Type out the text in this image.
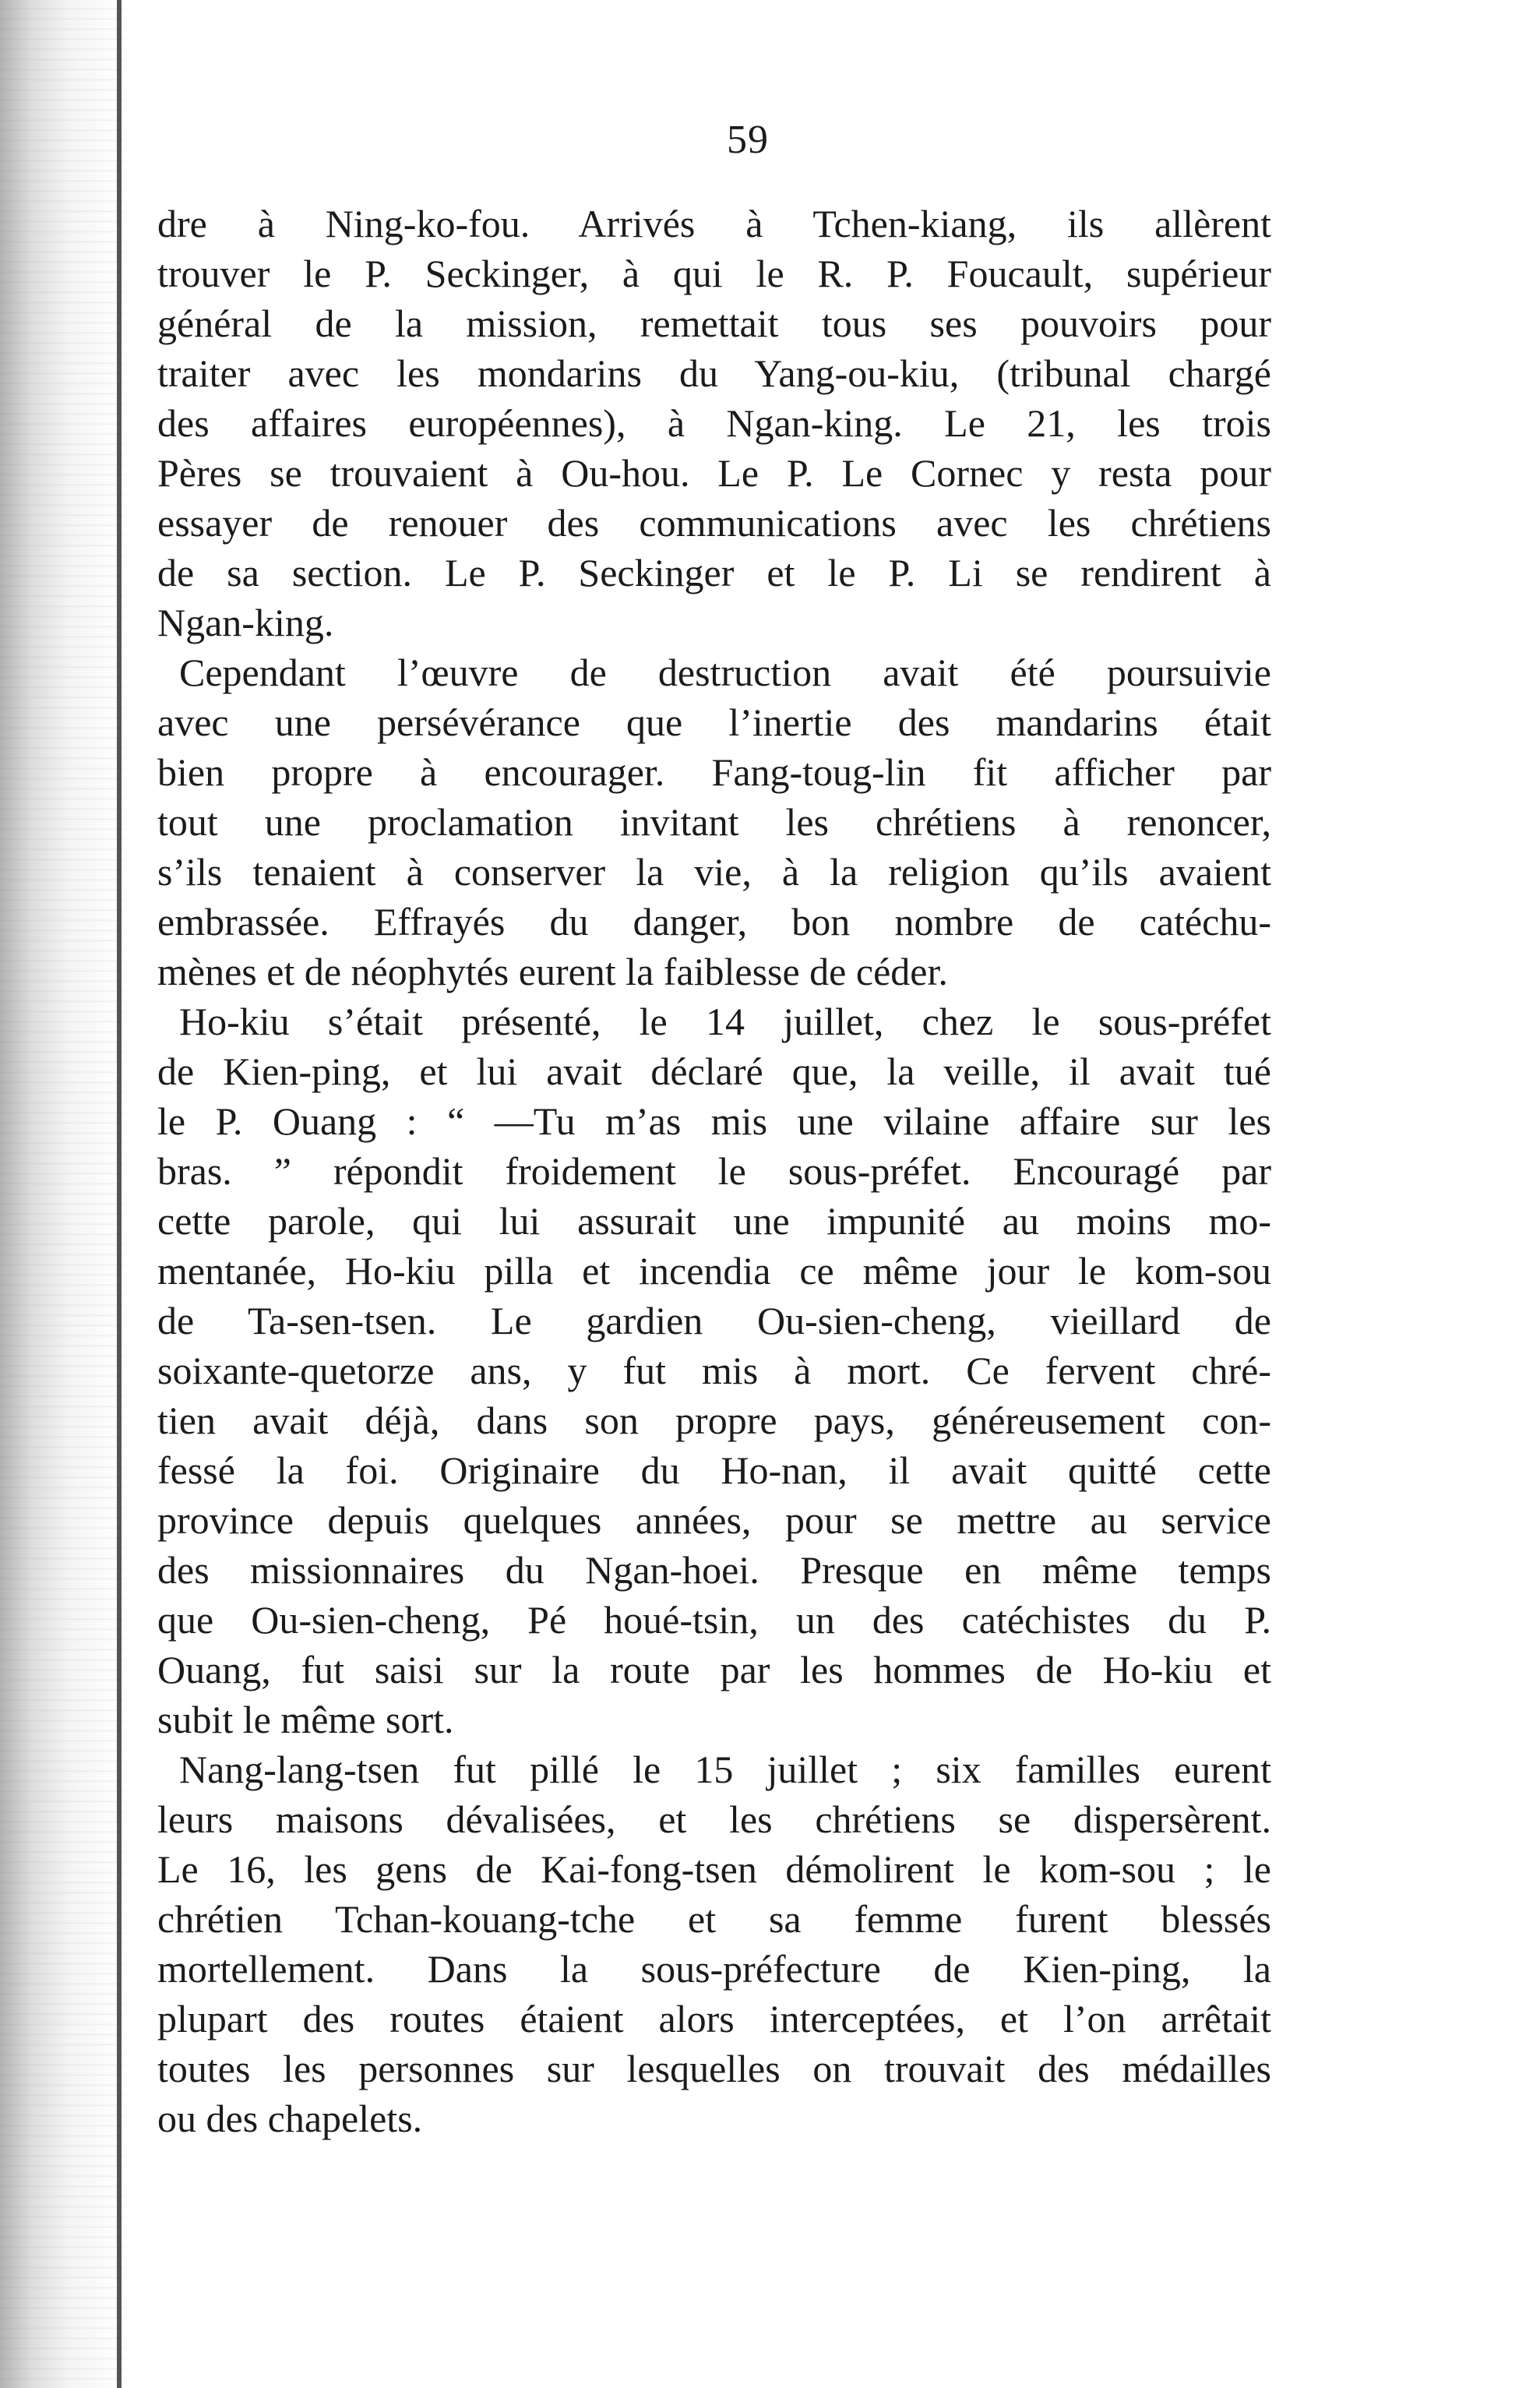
59
dre à Ning-ko-fou. Arrivés à Tchen-kiang, ils allèrent
trouver le P. Seckinger, à qui le R. P. Foucault, supérieur
général de la mission, remettait tous ses pouvoirs pour
traiter avec les mondarins du Yang-ou-kiu, (tribunal chargé
des affaires européennes), à Ngan-king. Le 21, les trois
Pères se trouvaient à Ou-hou. Le P. Le Cornec y resta pour
essayer de renouer des communications avec les chrétiens
de sa section. Le P. Seckinger et le P. Li se rendirent à
Ngan-king.
Cependant l’œuvre de destruction avait été poursuivie
avec une persévérance que l’inertie des mandarins était
bien propre à encourager. Fang-toug-lin fit afficher par
tout une proclamation invitant les chrétiens à renoncer,
s’ils tenaient à conserver la vie, à la religion qu’ils avaient
embrassée. Effrayés du danger, bon nombre de catéchu-
mènes et de néophytés eurent la faiblesse de céder.
Ho-kiu s’était présenté, le 14 juillet, chez le sous-préfet
de Kien-ping, et lui avait déclaré que, la veille, il avait tué
le P. Ouang : “ —Tu m’as mis une vilaine affaire sur les
bras. ” répondit froidement le sous-préfet. Encouragé par
cette parole, qui lui assurait une impunité au moins mo-
mentanée, Ho-kiu pilla et incendia ce même jour le kom-sou
de Ta-sen-tsen. Le gardien Ou-sien-cheng, vieillard de
soixante-quetorze ans, y fut mis à mort. Ce fervent chré-
tien avait déjà, dans son propre pays, généreusement con-
fessé la foi. Originaire du Ho-nan, il avait quitté cette
province depuis quelques années, pour se mettre au service
des missionnaires du Ngan-hoei. Presque en même temps
que Ou-sien-cheng, Pé houé-tsin, un des catéchistes du P.
Ouang, fut saisi sur la route par les hommes de Ho-kiu et
subit le même sort.
Nang-lang-tsen fut pillé le 15 juillet ; six familles eurent
leurs maisons dévalisées, et les chrétiens se dispersèrent.
Le 16, les gens de Kai-fong-tsen démolirent le kom-sou ; le
chrétien Tchan-kouang-tche et sa femme furent blessés
mortellement. Dans la sous-préfecture de Kien-ping, la
plupart des routes étaient alors interceptées, et l’on arrêtait
toutes les personnes sur lesquelles on trouvait des médailles
ou des chapelets.
